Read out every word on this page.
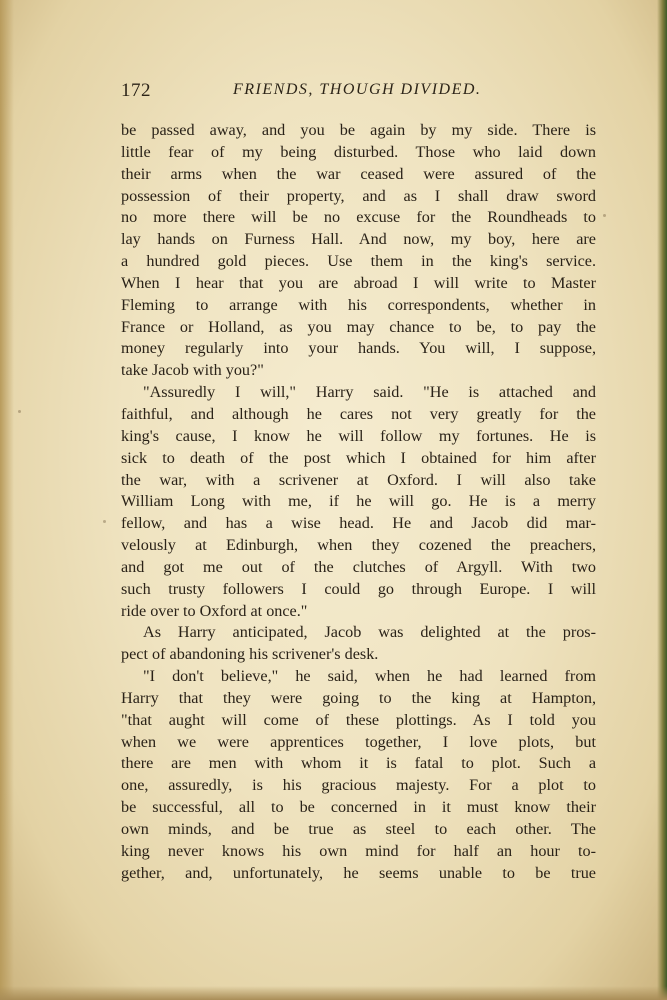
172	FRIENDS, THOUGH DIVIDED.
be passed away, and you be again by my side. There is
little fear of my being disturbed. Those who laid down
their arms when the war ceased were assured of the
possession of their property, and as I shall draw sword
no more there will be no excuse for the Roundheads to
lay hands on Furness Hall. And now, my boy, here are
a hundred gold pieces. Use them in the king's service.
When I hear that you are abroad I will write to Master
Fleming to arrange with his correspondents, whether in
France or Holland, as you may chance to be, to pay the
money regularly into your hands. You will, I suppose,
take Jacob with you?"
"Assuredly I will," Harry said. "He is attached and
faithful, and although he cares not very greatly for the
king's cause, I know he will follow my fortunes. He is
sick to death of the post which I obtained for him after
the war, with a scrivener at Oxford. I will also take
William Long with me, if he will go. He is a merry
fellow, and has a wise head. He and Jacob did mar-
velously at Edinburgh, when they cozened the preachers,
and got me out of the clutches of Argyll. With two
such trusty followers I could go through Europe. I will
ride over to Oxford at once."
As Harry anticipated, Jacob was delighted at the pros-
pect of abandoning his scrivener's desk.
"I don't believe," he said, when he had learned from
Harry that they were going to the king at Hampton,
"that aught will come of these plottings. As I told you
when we were apprentices together, I love plots, but
there are men with whom it is fatal to plot. Such a
one, assuredly, is his gracious majesty. For a plot to
be successful, all to be concerned in it must know their
own minds, and be true as steel to each other. The
king never knows his own mind for half an hour to-
gether, and, unfortunately, he seems unable to be true
